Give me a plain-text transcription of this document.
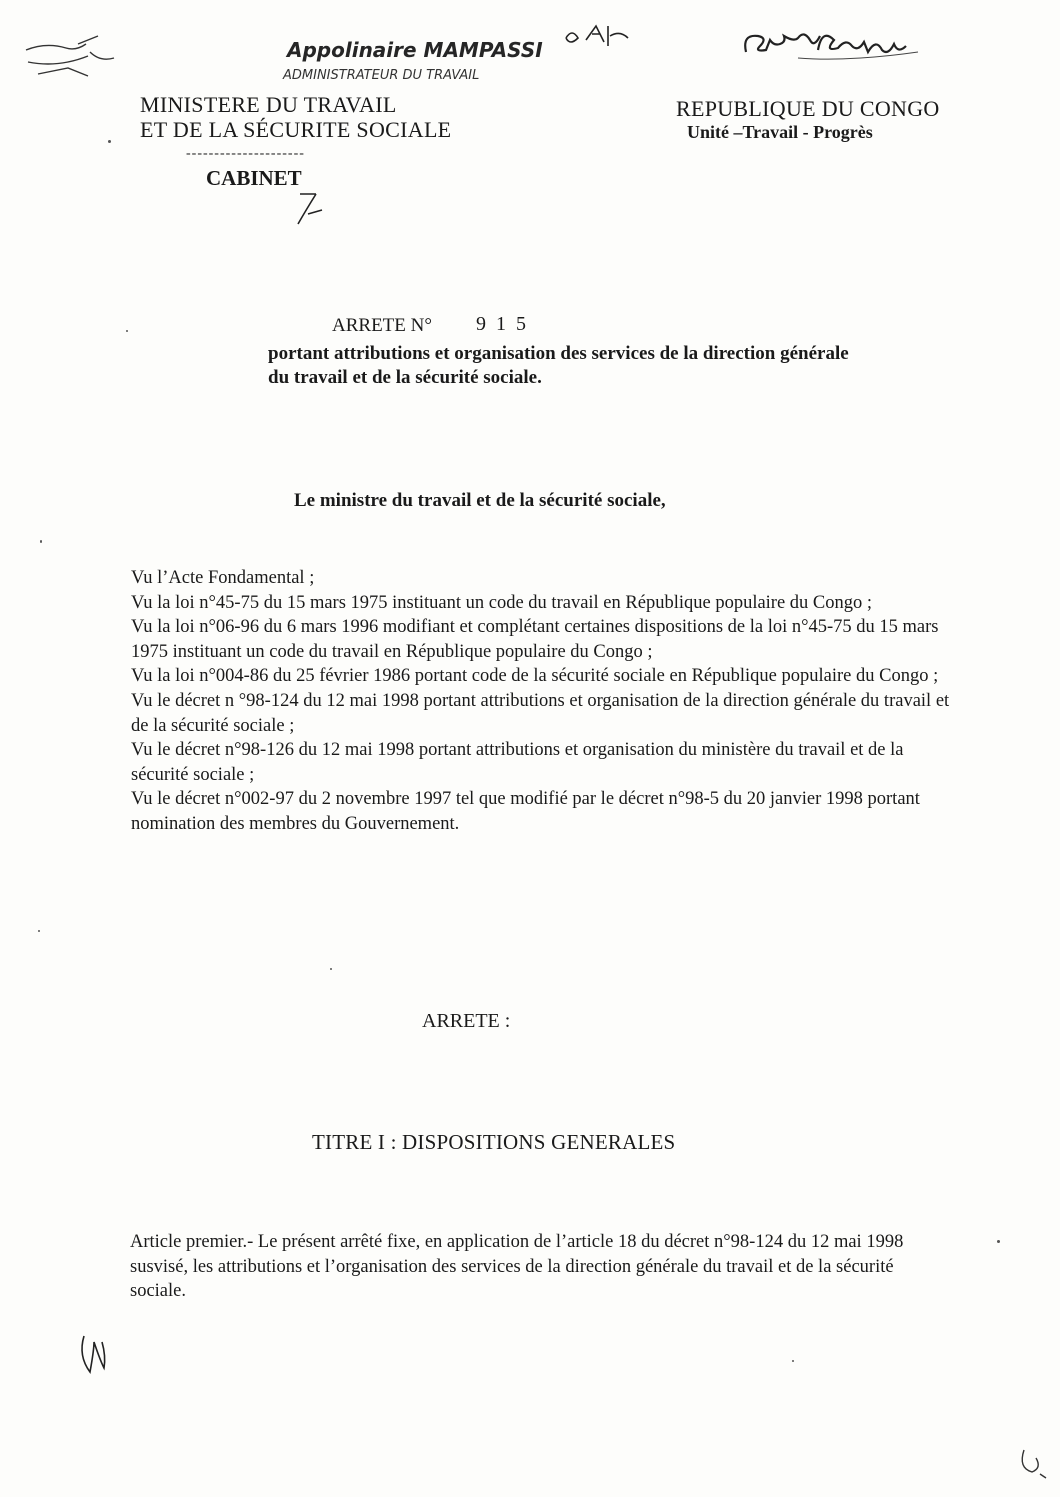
Appolinaire MAMPASSI
ADMINISTRATEUR DU TRAVAIL
MINISTERE DU TRAVAIL
ET DE LA SÉCURITE SOCIALE
---------------------
CABINET
REPUBLIQUE DU CONGO
Unité –Travail - Progrès
ARRETE N° 915
portant attributions et organisation des services de la direction générale
du travail et de la sécurité sociale.
Le ministre du travail et de la sécurité sociale,
Vu l’Acte Fondamental ;
Vu la loi n°45-75 du 15 mars 1975 instituant un code du travail en République populaire du Congo ;
Vu la loi n°06-96 du 6 mars 1996 modifiant et complétant certaines dispositions de la loi n°45-75 du 15 mars 1975 instituant un code du travail en République populaire du Congo ;
Vu la loi n°004-86 du 25 février 1986 portant code de la sécurité sociale en République populaire du Congo ;
Vu le décret n °98-124 du 12 mai 1998 portant attributions et organisation de la direction générale du travail et de la sécurité sociale ;
Vu le décret n°98-126 du 12 mai 1998 portant attributions et organisation du ministère du travail et de la sécurité sociale ;
Vu le décret n°002-97 du 2 novembre 1997 tel que modifié par le décret n°98-5 du 20 janvier 1998 portant nomination des membres du Gouvernement.
ARRETE :
TITRE I : DISPOSITIONS GENERALES
Article premier.- Le présent arrêté fixe, en application de l’article 18 du décret n°98-124 du 12 mai 1998 susvisé, les attributions et l’organisation des services de la direction générale du travail et de la sécurité sociale.
